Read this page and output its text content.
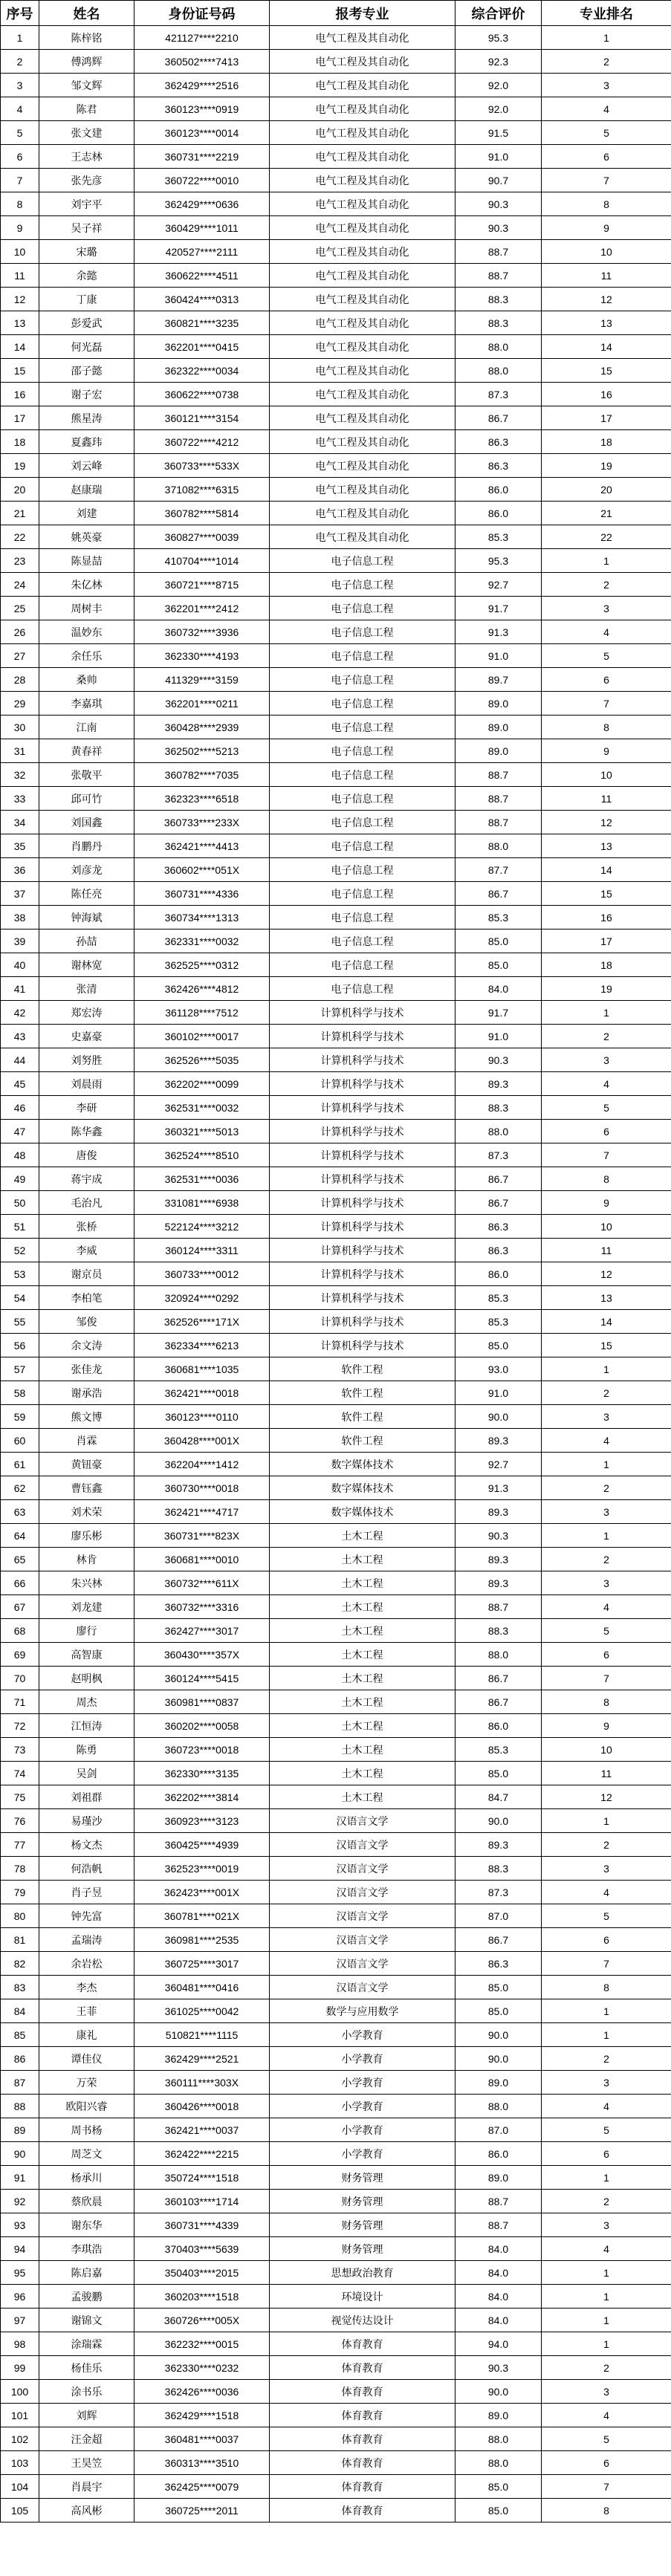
序号	姓名	身份证号码	报考专业	综合评价	专业排名
1	陈梓铭	421127****2210	电气工程及其自动化	95.3	1
2	傅鸿辉	360502****7413	电气工程及其自动化	92.3	2
3	邹文辉	362429****2516	电气工程及其自动化	92.0	3
4	陈君	360123****0919	电气工程及其自动化	92.0	4
5	张文建	360123****0014	电气工程及其自动化	91.5	5
6	王志林	360731****2219	电气工程及其自动化	91.0	6
7	张先彦	360722****0010	电气工程及其自动化	90.7	7
8	刘宇平	362429****0636	电气工程及其自动化	90.3	8
9	吴子祥	360429****1011	电气工程及其自动化	90.3	9
10	宋璐	420527****2111	电气工程及其自动化	88.7	10
11	余懿	360622****4511	电气工程及其自动化	88.7	11
12	丁康	360424****0313	电气工程及其自动化	88.3	12
13	彭爱武	360821****3235	电气工程及其自动化	88.3	13
14	何光磊	362201****0415	电气工程及其自动化	88.0	14
15	邵子懿	362322****0034	电气工程及其自动化	88.0	15
16	谢子宏	360622****0738	电气工程及其自动化	87.3	16
17	熊星涛	360121****3154	电气工程及其自动化	86.7	17
18	夏鑫玮	360722****4212	电气工程及其自动化	86.3	18
19	刘云峰	360733****533X	电气工程及其自动化	86.3	19
20	赵康瑞	371082****6315	电气工程及其自动化	86.0	20
21	刘建	360782****5814	电气工程及其自动化	86.0	21
22	姚英豪	360827****0039	电气工程及其自动化	85.3	22
23	陈显喆	410704****1014	电子信息工程	95.3	1
24	朱亿林	360721****8715	电子信息工程	92.7	2
25	周树丰	362201****2412	电子信息工程	91.7	3
26	温妙东	360732****3936	电子信息工程	91.3	4
27	余任乐	362330****4193	电子信息工程	91.0	5
28	桑帅	411329****3159	电子信息工程	89.7	6
29	李嘉琪	362201****0211	电子信息工程	89.0	7
30	江南	360428****2939	电子信息工程	89.0	8
31	黄春祥	362502****5213	电子信息工程	89.0	9
32	张敬平	360782****7035	电子信息工程	88.7	10
33	邱可竹	362323****6518	电子信息工程	88.7	11
34	刘国鑫	360733****233X	电子信息工程	88.7	12
35	肖鹏丹	362421****4413	电子信息工程	88.0	13
36	刘彦龙	360602****051X	电子信息工程	87.7	14
37	陈任亮	360731****4336	电子信息工程	86.7	15
38	钟海斌	360734****1313	电子信息工程	85.3	16
39	孙喆	362331****0032	电子信息工程	85.0	17
40	谢林宽	362525****0312	电子信息工程	85.0	18
41	张清	362426****4812	电子信息工程	84.0	19
42	郑宏涛	361128****7512	计算机科学与技术	91.7	1
43	史嘉豪	360102****0017	计算机科学与技术	91.0	2
44	刘努胜	362526****5035	计算机科学与技术	90.3	3
45	刘晨雨	362202****0099	计算机科学与技术	89.3	4
46	李研	362531****0032	计算机科学与技术	88.3	5
47	陈华鑫	360321****5013	计算机科学与技术	88.0	6
48	唐俊	362524****8510	计算机科学与技术	87.3	7
49	蒋宇成	362531****0036	计算机科学与技术	86.7	8
50	毛治凡	331081****6938	计算机科学与技术	86.7	9
51	张桥	522124****3212	计算机科学与技术	86.3	10
52	李威	360124****3311	计算机科学与技术	86.3	11
53	谢京员	360733****0012	计算机科学与技术	86.0	12
54	李柏笔	320924****0292	计算机科学与技术	85.3	13
55	邹俊	362526****171X	计算机科学与技术	85.3	14
56	余文涛	362334****6213	计算机科学与技术	85.0	15
57	张佳龙	360681****1035	软件工程	93.0	1
58	谢承浩	362421****0018	软件工程	91.0	2
59	熊文博	360123****0110	软件工程	90.0	3
60	肖霖	360428****001X	软件工程	89.3	4
61	黄钮豪	362204****1412	数字媒体技术	92.7	1
62	曹钰鑫	360730****0018	数字媒体技术	91.3	2
63	刘术荣	362421****4717	数字媒体技术	89.3	3
64	廖乐彬	360731****823X	土木工程	90.3	1
65	林肯	360681****0010	土木工程	89.3	2
66	朱兴林	360732****611X	土木工程	89.3	3
67	刘龙建	360732****3316	土木工程	88.7	4
68	廖行	362427****3017	土木工程	88.3	5
69	高智康	360430****357X	土木工程	88.0	6
70	赵明枫	360124****5415	土木工程	86.7	7
71	周杰	360981****0837	土木工程	86.7	8
72	江恒涛	360202****0058	土木工程	86.0	9
73	陈勇	360723****0018	土木工程	85.3	10
74	吴剑	362330****3135	土木工程	85.0	11
75	刘祖群	362202****3814	土木工程	84.7	12
76	易瑾沙	360923****3123	汉语言文学	90.0	1
77	杨文杰	360425****4939	汉语言文学	89.3	2
78	何浩帆	362523****0019	汉语言文学	88.3	3
79	肖子昱	362423****001X	汉语言文学	87.3	4
80	钟先富	360781****021X	汉语言文学	87.0	5
81	孟瑞涛	360981****2535	汉语言文学	86.7	6
82	余岩松	360725****3017	汉语言文学	86.3	7
83	李杰	360481****0416	汉语言文学	85.0	8
84	王菲	361025****0042	数学与应用数学	85.0	1
85	康礼	510821****1115	小学教育	90.0	1
86	谭佳仪	362429****2521	小学教育	90.0	2
87	万荣	360111****303X	小学教育	89.0	3
88	欧阳兴睿	360426****0018	小学教育	88.0	4
89	周书杨	362421****0037	小学教育	87.0	5
90	周芝文	362422****2215	小学教育	86.0	6
91	杨承川	350724****1518	财务管理	89.0	1
92	蔡欣晨	360103****1714	财务管理	88.7	2
93	谢东华	360731****4339	财务管理	88.7	3
94	李琪浩	370403****5639	财务管理	84.0	4
95	陈启嘉	350403****2015	思想政治教育	84.0	1
96	孟骏鹏	360203****1518	环境设计	84.0	1
97	谢锦文	360726****005X	视觉传达设计	84.0	1
98	涂瑞霖	362232****0015	体育教育	94.0	1
99	杨佳乐	362330****0232	体育教育	90.3	2
100	涂书乐	362426****0036	体育教育	90.0	3
101	刘辉	362429****1518	体育教育	89.0	4
102	汪金超	360481****0037	体育教育	88.0	5
103	王昊笠	360313****3510	体育教育	88.0	6
104	肖晨宇	362425****0079	体育教育	85.0	7
105	高风彬	360725****2011	体育教育	85.0	8
